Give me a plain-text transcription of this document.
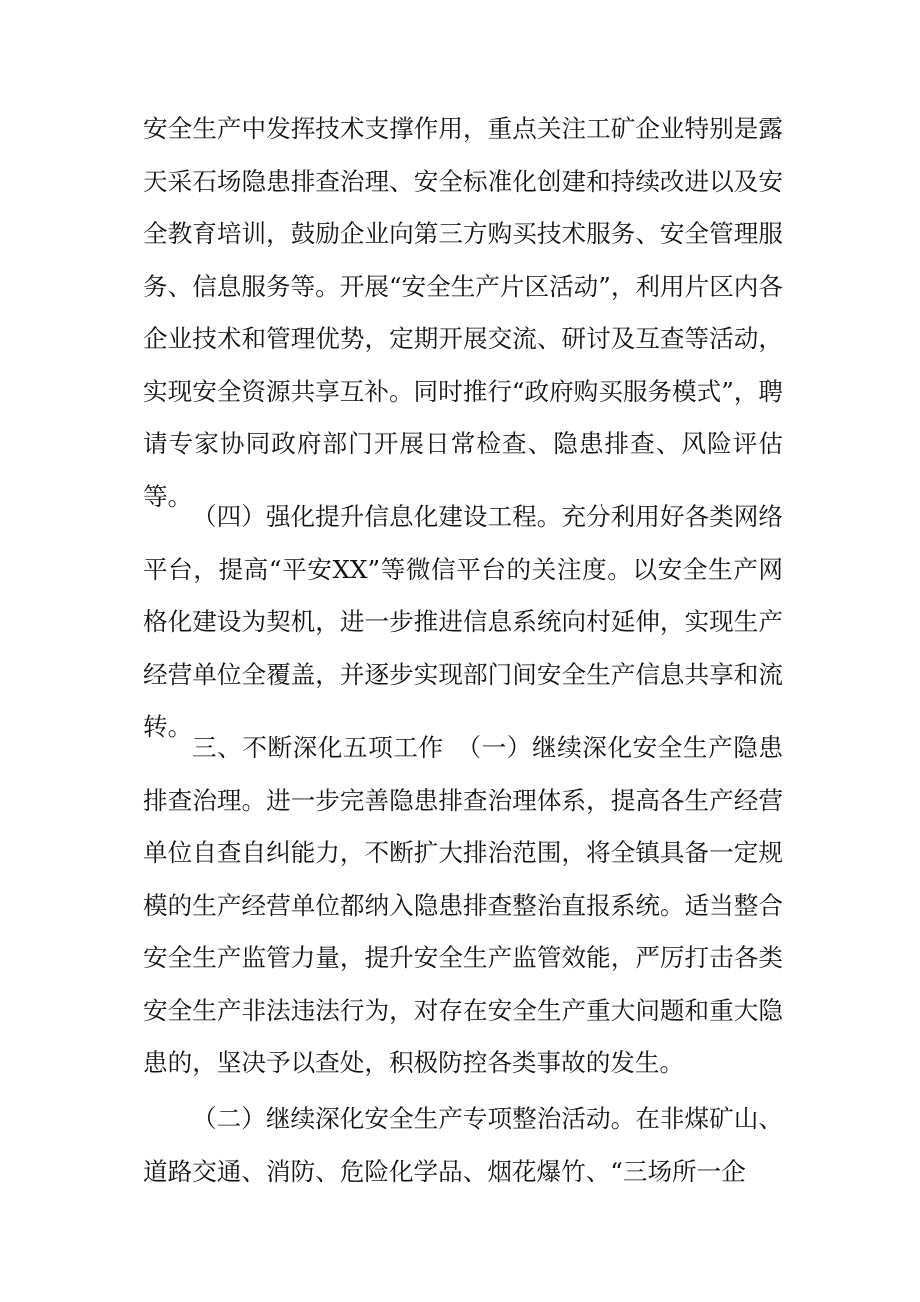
安全生产中发挥技术支撑作用，重点关注工矿企业特别是露天采石场隐患排查治理、安全标准化创建和持续改进以及安全教育培训，鼓励企业向第三方购买技术服务、安全管理服务、信息服务等。开展“安全生产片区活动”，利用片区内各企业技术和管理优势，定期开展交流、研讨及互查等活动，实现安全资源共享互补。同时推行“政府购买服务模式”，聘请专家协同政府部门开展日常检查、隐患排查、风险评估等。

（四）强化提升信息化建设工程。充分利用好各类网络平台，提高“平安XX”等微信平台的关注度。以安全生产网格化建设为契机，进一步推进信息系统向村延伸，实现生产经营单位全覆盖，并逐步实现部门间安全生产信息共享和流转。

三、不断深化五项工作　（一）继续深化安全生产隐患排查治理。进一步完善隐患排查治理体系，提高各生产经营单位自查自纠能力，不断扩大排治范围，将全镇具备一定规模的生产经营单位都纳入隐患排查整治直报系统。适当整合安全生产监管力量，提升安全生产监管效能，严厉打击各类安全生产非法违法行为，对存在安全生产重大问题和重大隐患的，坚决予以查处，积极防控各类事故的发生。

（二）继续深化安全生产专项整治活动。在非煤矿山、道路交通、消防、危险化学品、烟花爆竹、“三场所一企
